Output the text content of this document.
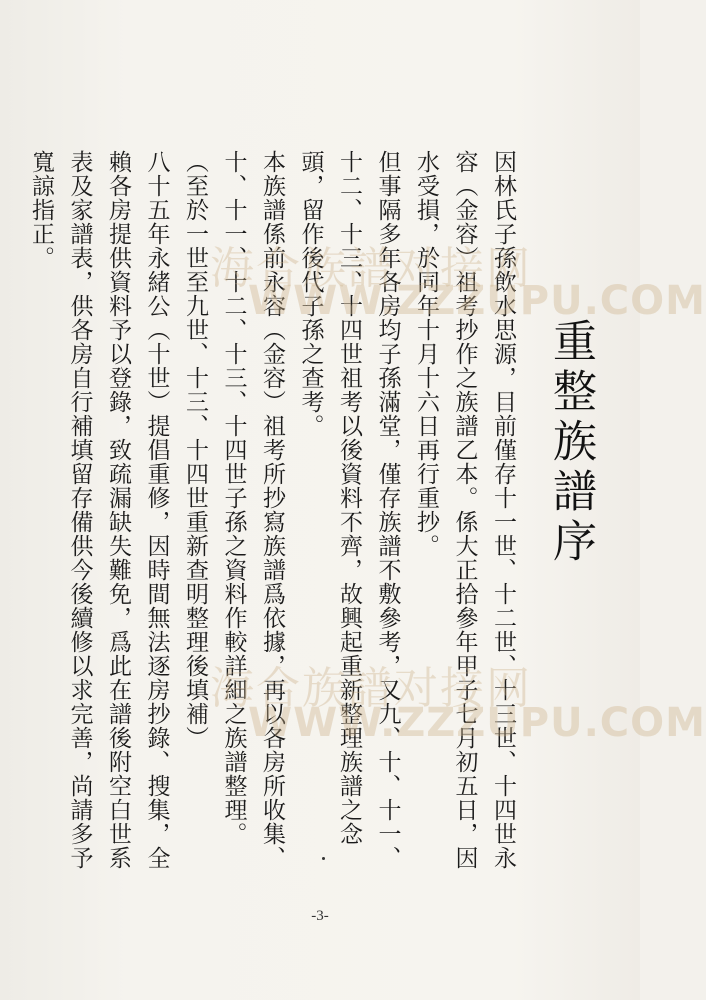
重整族譜序

因林氏子孫飲水思源，目前僅存十一世、十二世、十三世、十四世永容（金容）祖考抄作之族譜乙本。係大正拾參年甲子七月初五日，因水受損，於同年十月十六日再行重抄。

但事隔多年各房均子孫滿堂，僅存族譜不敷參考，又九、十、十一、十二、十三、十四世祖考以後資料不齊，故興起重新整理族譜之念頭，留作後代子孫之查考。

本族譜係前永容（金容）祖考所抄寫族譜爲依據，再以各房所收集、十、十一、十二、十三、十四世子孫之資料作較詳細之族譜整理。

（至於一世至九世、十三、十四世重新查明整理後填補）

八十五年永緒公（十世）提倡重修，因時間無法逐房抄錄、搜集，全賴各房提供資料予以登錄，致疏漏缺失難免，爲此在譜後附空白世系表及家譜表，供各房自行補填留存備供今後續修以求完善，尚請多予寬諒指正。	海合族譜对接网
WWW.ZZZUPU.COM
海合族譜对接网
WWW.ZZZUPU.COM
-3-
